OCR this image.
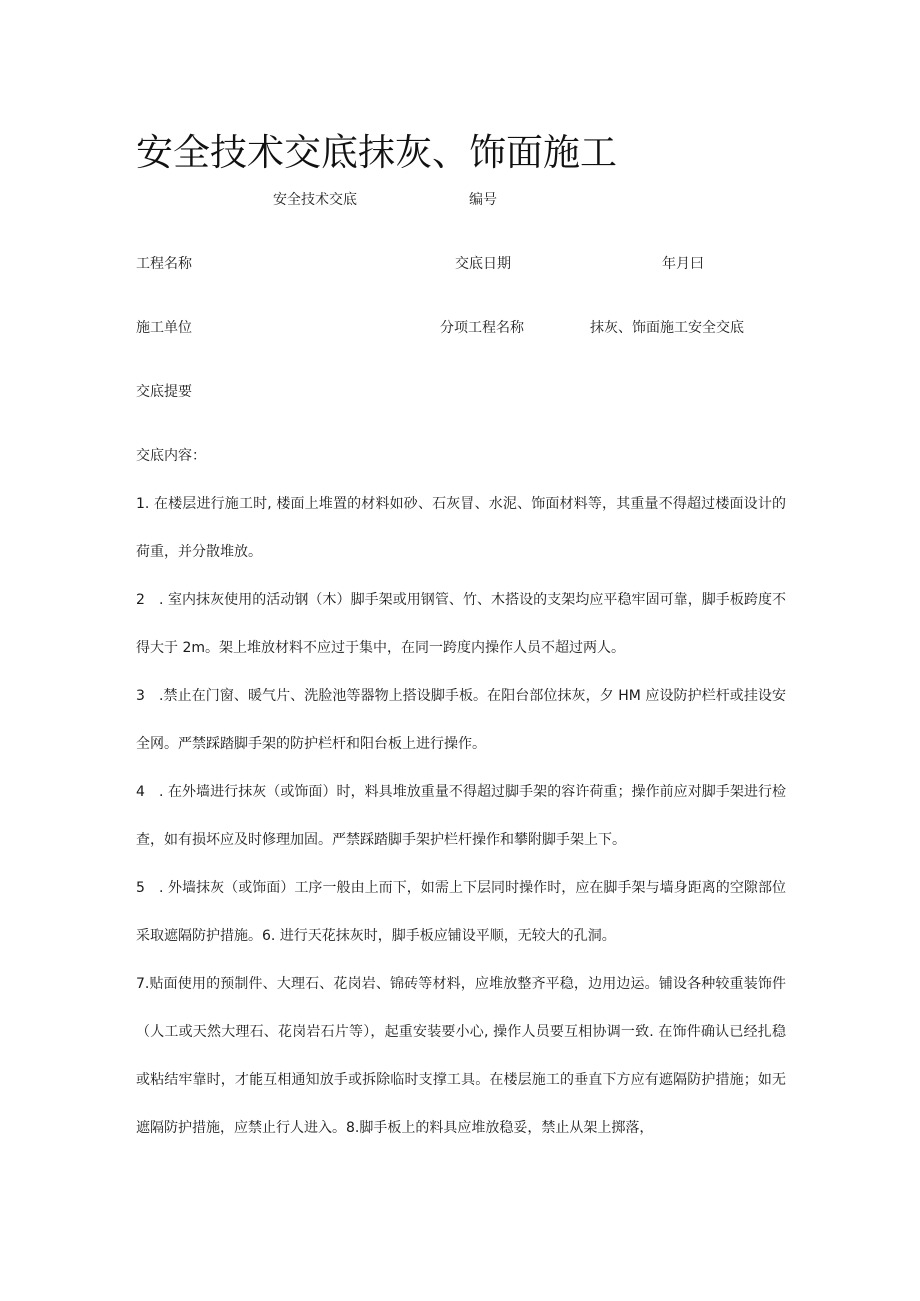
安全技术交底抹灰、饰面施工
安全技术交底	编号
工程名称	交底日期	年月曰
施工单位	分项工程名称	抹灰、饰面施工安全交底
交底提要
交底内容：
1. 在楼层进行施工时, 楼面上堆置的材料如砂、石灰冒、水泥、饰面材料等，其重量不得超过楼面设计的荷重，并分散堆放。
2　. 室内抹灰使用的活动钢（木）脚手架或用钢管、竹、木搭设的支架均应平稳牢固可靠，脚手板跨度不得大于 2m。架上堆放材料不应过于集中，在同一跨度内操作人员不超过两人。
3　.禁止在门窗、暖气片、洗脸池等器物上搭设脚手板。在阳台部位抹灰，夕 HM 应设防护栏杆或挂设安全网。严禁踩踏脚手架的防护栏杆和阳台板上进行操作。
4　. 在外墙进行抹灰（或饰面）时，料具堆放重量不得超过脚手架的容许荷重；操作前应对脚手架进行检查，如有损坏应及时修理加固。严禁踩踏脚手架护栏杆操作和攀附脚手架上下。
5　. 外墙抹灰（或饰面）工序一般由上而下，如需上下层同时操作时，应在脚手架与墙身距离的空隙部位采取遮隔防护措施。6. 进行天花抹灰时，脚手板应铺设平顺，无较大的孔洞。
7.贴面使用的预制件、大理石、花岗岩、锦砖等材料，应堆放整齐平稳，边用边运。铺设各种较重装饰件（人工或天然大理石、花岗岩石片等），起重安装要小心, 操作人员要互相协调一致. 在饰件确认已经扎稳或粘结牢靠时，才能互相通知放手或拆除临时支撑工具。在楼层施工的垂直下方应有遮隔防护措施；如无遮隔防护措施，应禁止行人进入。8.脚手板上的料具应堆放稳妥，禁止从架上掷落，
